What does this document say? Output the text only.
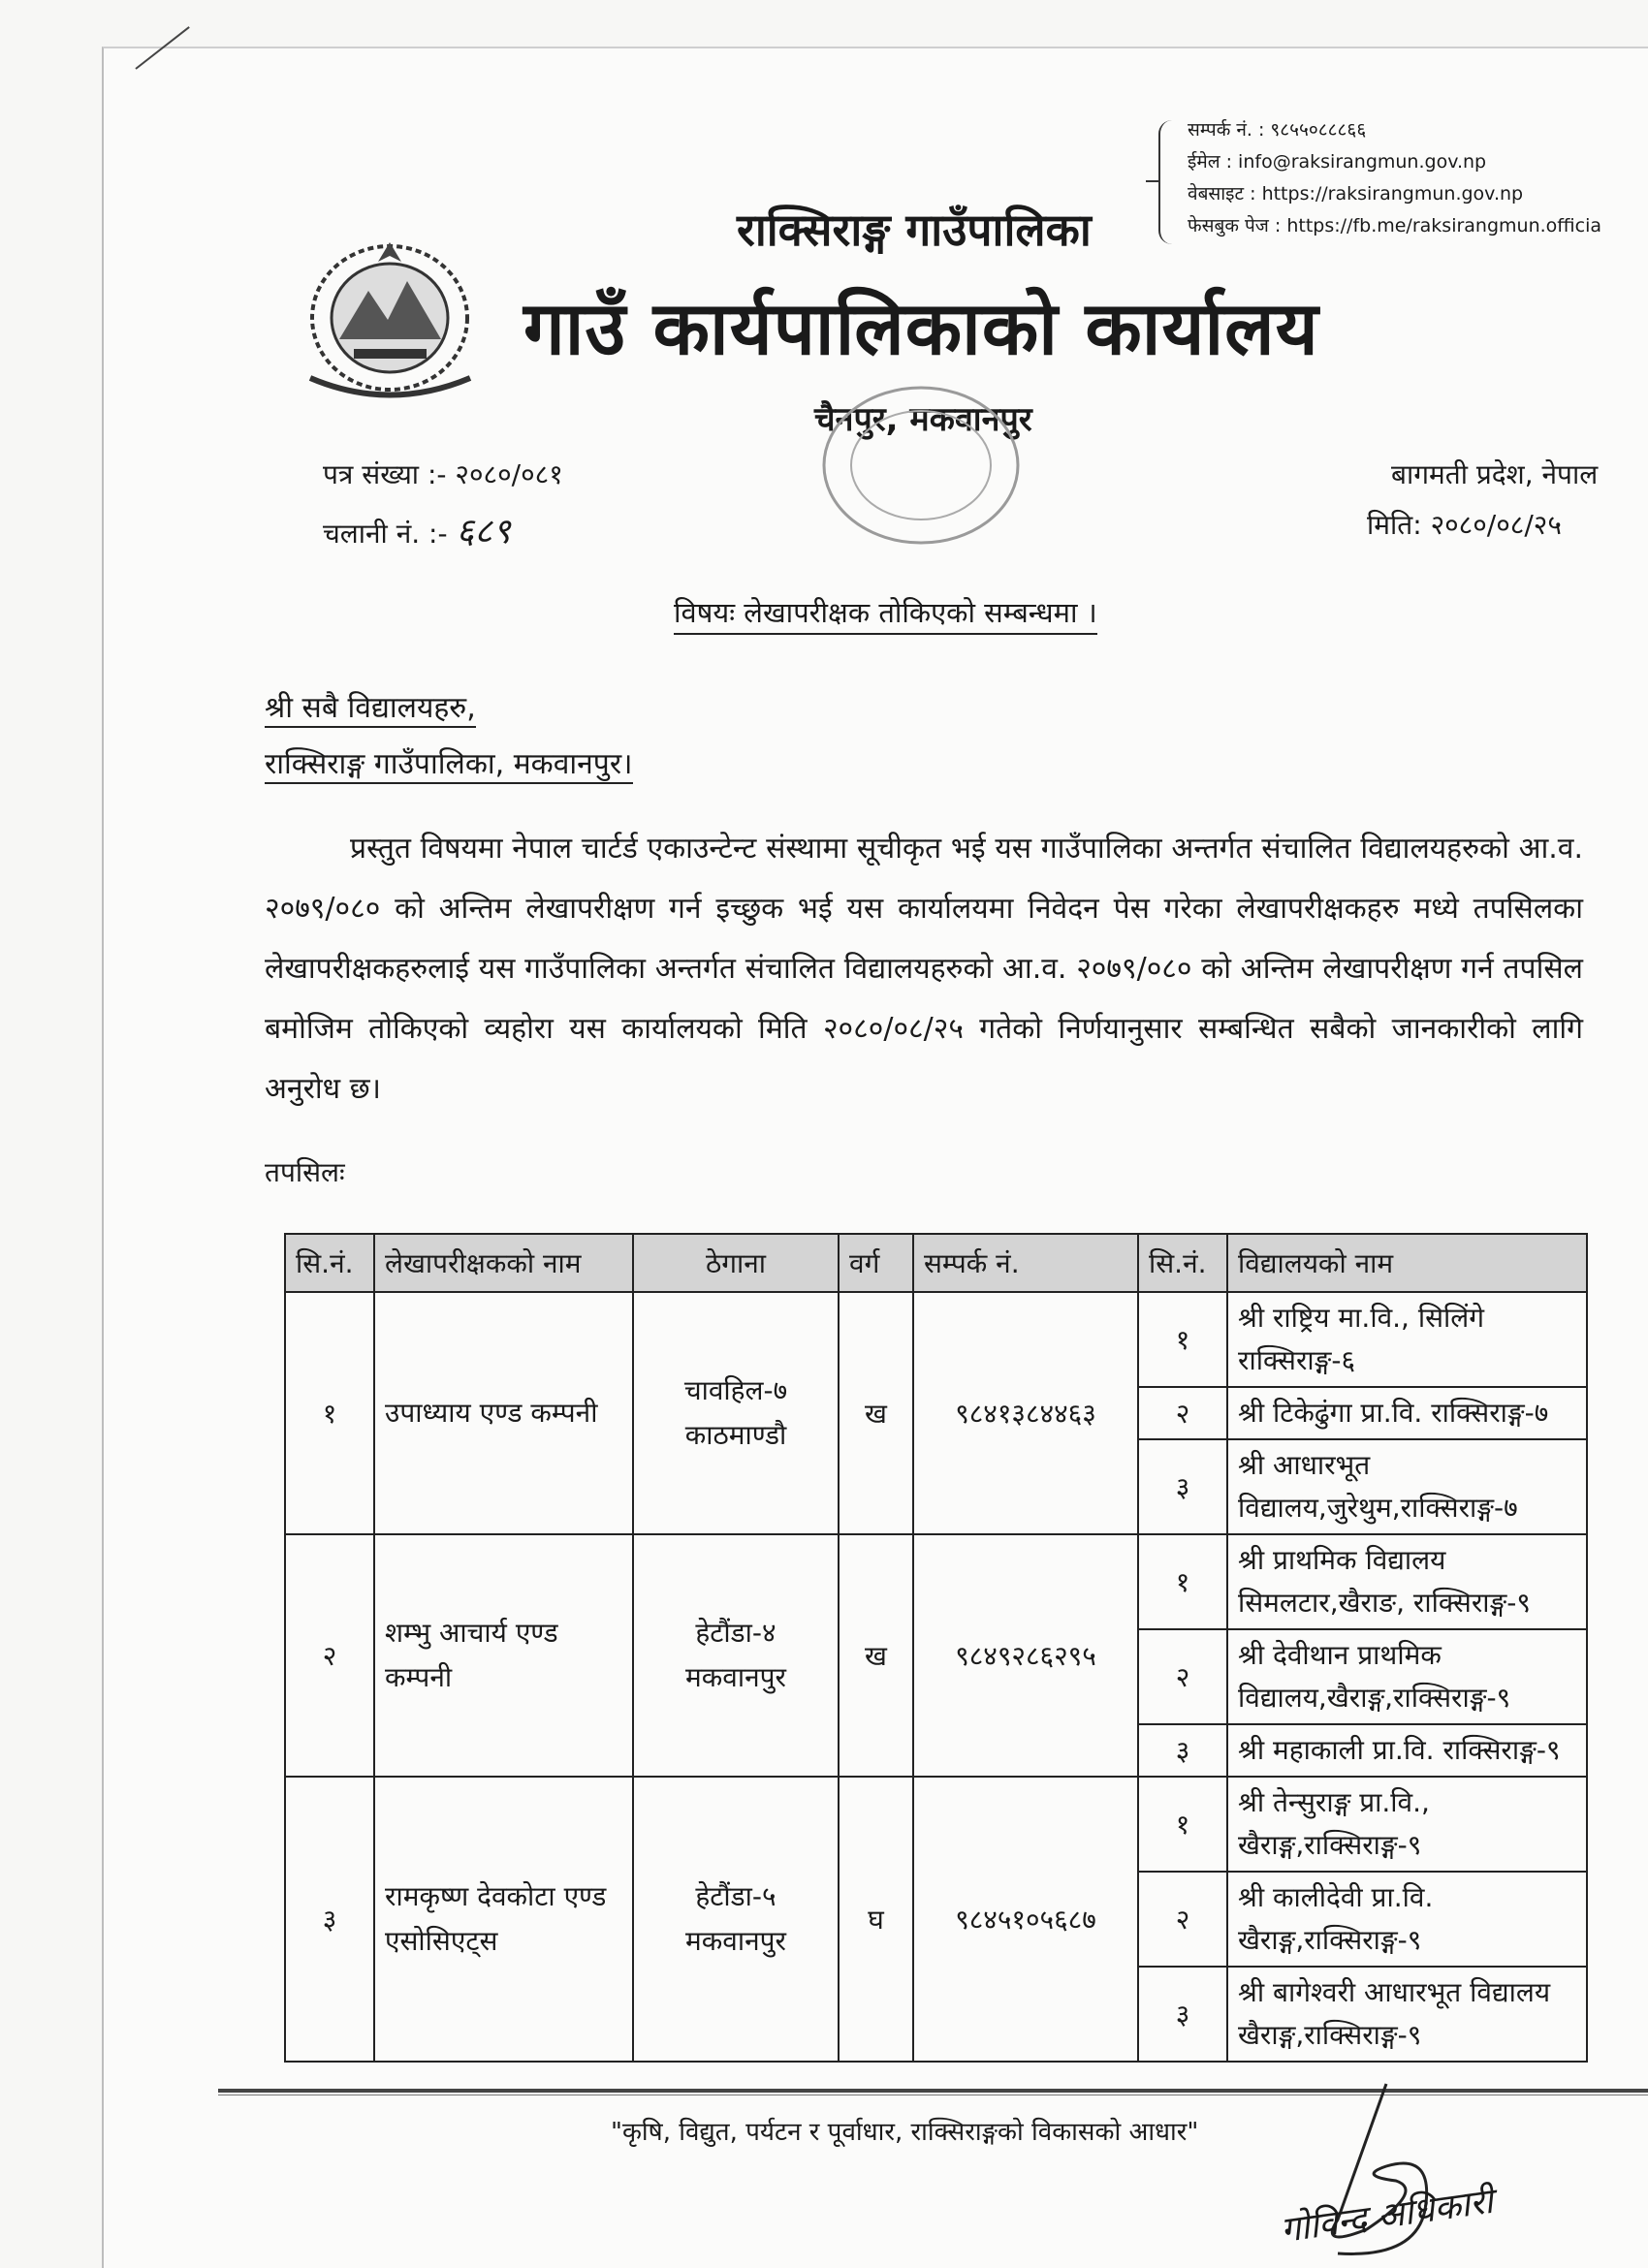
सम्पर्क नं. : ९८५५०८८८६६
ईमेल : info@raksirangmun.gov.np
वेबसाइट : https://raksirangmun.gov.np
फेसबुक पेज : https://fb.me/raksirangmun.officia
राक्सिराङ्ग गाउँपालिका
गाउँ कार्यपालिकाको कार्यालय
चैनपुर, मकवानपुर
पत्र संख्या :- २०८०/०८१
चलानी नं. :- ६८९
बागमती प्रदेश, नेपाल
मिति: २०८०/०८/२५
विषयः लेखापरीक्षक तोकिएको सम्बन्धमा ।
श्री सबै विद्यालयहरु,
राक्सिराङ्ग गाउँपालिका, मकवानपुर।
प्रस्तुत विषयमा नेपाल चार्टर्ड एकाउन्टेन्ट संस्थामा सूचीकृत भई यस गाउँपालिका अन्तर्गत संचालित विद्यालयहरुको आ.व. २०७९/०८० को अन्तिम लेखापरीक्षण गर्न इच्छुक भई यस कार्यालयमा निवेदन पेस गरेका लेखापरीक्षकहरु मध्ये तपसिलका लेखापरीक्षकहरुलाई यस गाउँपालिका अन्तर्गत संचालित विद्यालयहरुको आ.व. २०७९/०८० को अन्तिम लेखापरीक्षण गर्न तपसिल बमोजिम तोकिएको व्यहोरा यस कार्यालयको मिति २०८०/०८/२५ गतेको निर्णयानुसार सम्बन्धित सबैको जानकारीको लागि अनुरोध छ।
तपसिलः
सि.नं.	लेखापरीक्षकको नाम	ठेगाना	वर्ग	सम्पर्क नं.	सि.नं.	विद्यालयको नाम
१	उपाध्याय एण्ड कम्पनी	चावहिल-७ काठमाण्डौ	ख	९८४१३८४४६३	१	श्री राष्ट्रिय मा.वि., सिलिंगे राक्सिराङ्ग-६
					२	श्री टिकेढुंगा प्रा.वि. राक्सिराङ्ग-७
					३	श्री आधारभूत विद्यालय,जुरेथुम,राक्सिराङ्ग-७
२	शम्भु आचार्य एण्ड कम्पनी	हेटौंडा-४ मकवानपुर	ख	९८४९२८६२९५	१	श्री प्राथमिक विद्यालय सिमलटार,खैराङ, राक्सिराङ्ग-९
					२	श्री देवीथान प्राथमिक विद्यालय,खैराङ्ग,राक्सिराङ्ग-९
					३	श्री महाकाली प्रा.वि. राक्सिराङ्ग-९
३	रामकृष्ण देवकोटा एण्ड एसोसिएट्स	हेटौंडा-५ मकवानपुर	घ	९८४५१०५६८७	१	श्री तेन्सुराङ्ग प्रा.वि., खैराङ्ग,राक्सिराङ्ग-९
					२	श्री कालीदेवी प्रा.वि. खैराङ्ग,राक्सिराङ्ग-९
					३	श्री बागेश्वरी आधारभूत विद्यालय खैराङ्ग,राक्सिराङ्ग-९
"कृषि, विद्युत, पर्यटन र पूर्वाधार, राक्सिराङ्गको विकासको आधार"
गोविन्द अधिकारी
